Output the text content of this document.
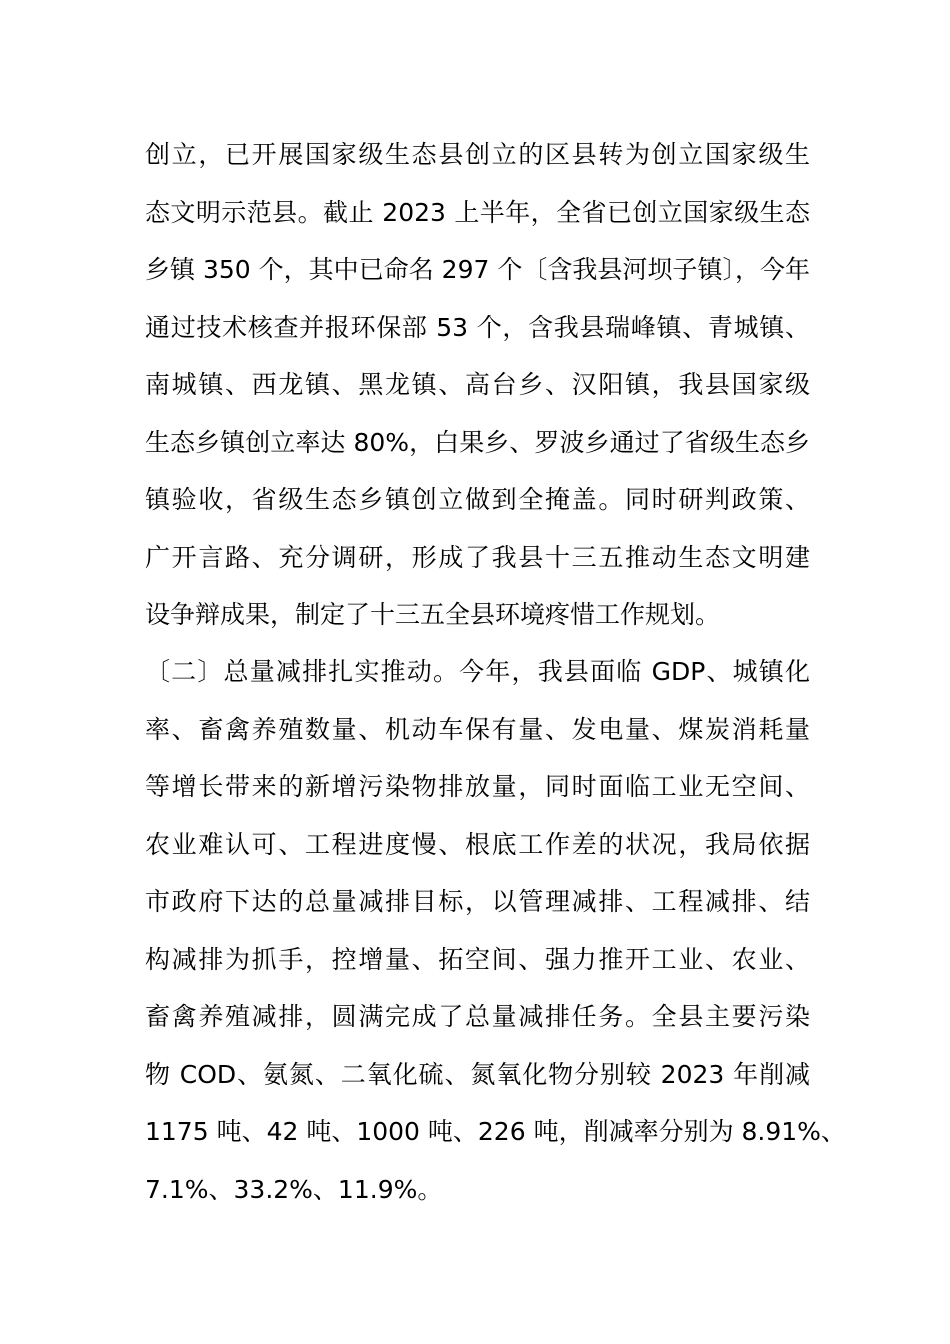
创立，已开展国家级生态县创立的区县转为创立国家级生
态文明示范县。截止 2023 上半年，全省已创立国家级生态
乡镇 350 个，其中已命名 297 个〔含我县河坝子镇〕，今年
通过技术核查并报环保部 53 个，含我县瑞峰镇、青城镇、
南城镇、西龙镇、黑龙镇、高台乡、汉阳镇，我县国家级
生态乡镇创立率达 80%，白果乡、罗波乡通过了省级生态乡
镇验收，省级生态乡镇创立做到全掩盖。同时研判政策、
广开言路、充分调研，形成了我县十三五推动生态文明建
设争辩成果，制定了十三五全县环境疼惜工作规划。
〔二〕总量减排扎实推动。今年，我县面临 GDP、城镇化
率、畜禽养殖数量、机动车保有量、发电量、煤炭消耗量
等增长带来的新增污染物排放量，同时面临工业无空间、
农业难认可、工程进度慢、根底工作差的状况，我局依据
市政府下达的总量减排目标，以管理减排、工程减排、结
构减排为抓手，控增量、拓空间、强力推开工业、农业、
畜禽养殖减排，圆满完成了总量减排任务。全县主要污染
物 COD、氨氮、二氧化硫、氮氧化物分别较 2023 年削减
1175 吨、42 吨、1000 吨、226 吨，削减率分别为 8.91%、
7.1%、33.2%、11.9%。
